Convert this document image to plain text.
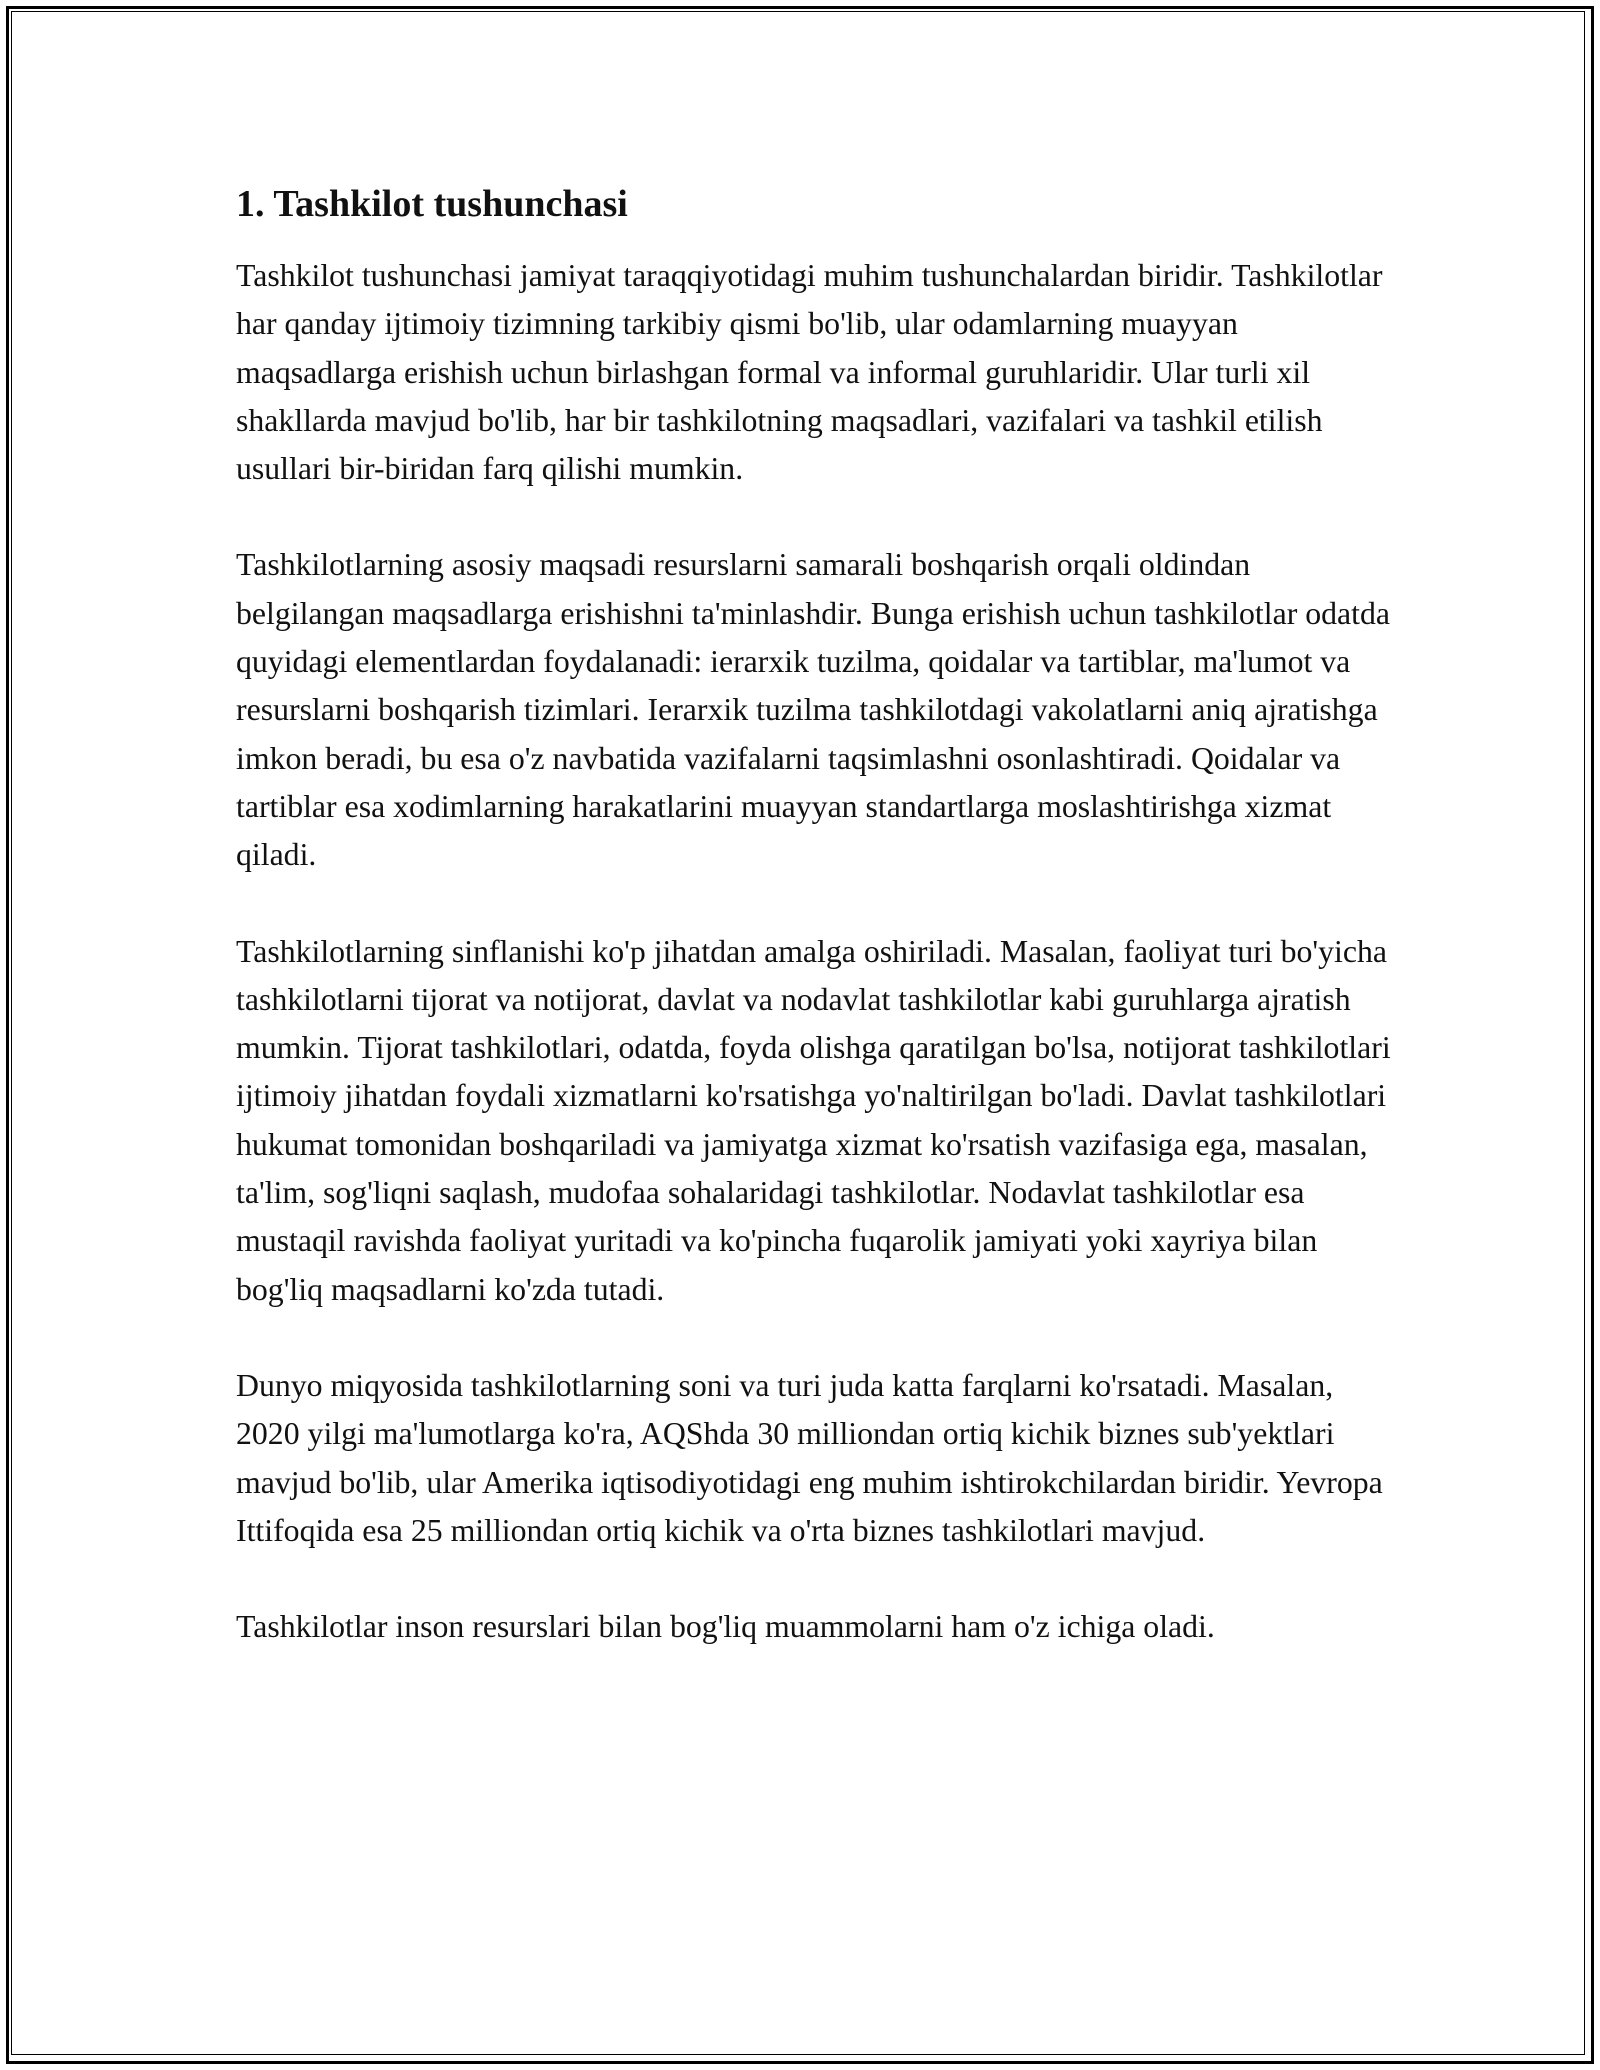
1. Tashkilot tushunchasi

Tashkilot tushunchasi jamiyat taraqqiyotidagi muhim tushunchalardan biridir. Tashkilotlar har qanday ijtimoiy tizimning tarkibiy qismi bo'lib, ular odamlarning muayyan maqsadlarga erishish uchun birlashgan formal va informal guruhlaridir. Ular turli xil shakllarda mavjud bo'lib, har bir tashkilotning maqsadlari, vazifalari va tashkil etilish usullari bir-biridan farq qilishi mumkin.

Tashkilotlarning asosiy maqsadi resurslarni samarali boshqarish orqali oldindan belgilangan maqsadlarga erishishni ta'minlashdir. Bunga erishish uchun tashkilotlar odatda quyidagi elementlardan foydalanadi: ierarxik tuzilma, qoidalar va tartiblar, ma'lumot va resurslarni boshqarish tizimlari. Ierarxik tuzilma tashkilotdagi vakolatlarni aniq ajratishga imkon beradi, bu esa o'z navbatida vazifalarni taqsimlashni osonlashtiradi. Qoidalar va tartiblar esa xodimlarning harakatlarini muayyan standartlarga moslashtirishga xizmat qiladi.

Tashkilotlarning sinflanishi ko'p jihatdan amalga oshiriladi. Masalan, faoliyat turi bo'yicha tashkilotlarni tijorat va notijorat, davlat va nodavlat tashkilotlar kabi guruhlarga ajratish mumkin. Tijorat tashkilotlari, odatda, foyda olishga qaratilgan bo'lsa, notijorat tashkilotlari ijtimoiy jihatdan foydali xizmatlarni ko'rsatishga yo'naltirilgan bo'ladi. Davlat tashkilotlari hukumat tomonidan boshqariladi va jamiyatga xizmat ko'rsatish vazifasiga ega, masalan, ta'lim, sog'liqni saqlash, mudofaa sohalaridagi tashkilotlar. Nodavlat tashkilotlar esa mustaqil ravishda faoliyat yuritadi va ko'pincha fuqarolik jamiyati yoki xayriya bilan bog'liq maqsadlarni ko'zda tutadi.

Dunyo miqyosida tashkilotlarning soni va turi juda katta farqlarni ko'rsatadi. Masalan, 2020 yilgi ma'lumotlarga ko'ra, AQShda 30 milliondan ortiq kichik biznes sub'yektlari mavjud bo'lib, ular Amerika iqtisodiyotidagi eng muhim ishtirokchilardan biridir. Yevropa Ittifoqida esa 25 milliondan ortiq kichik va o'rta biznes tashkilotlari mavjud.

Tashkilotlar inson resurslari bilan bog'liq muammolarni ham o'z ichiga oladi.
